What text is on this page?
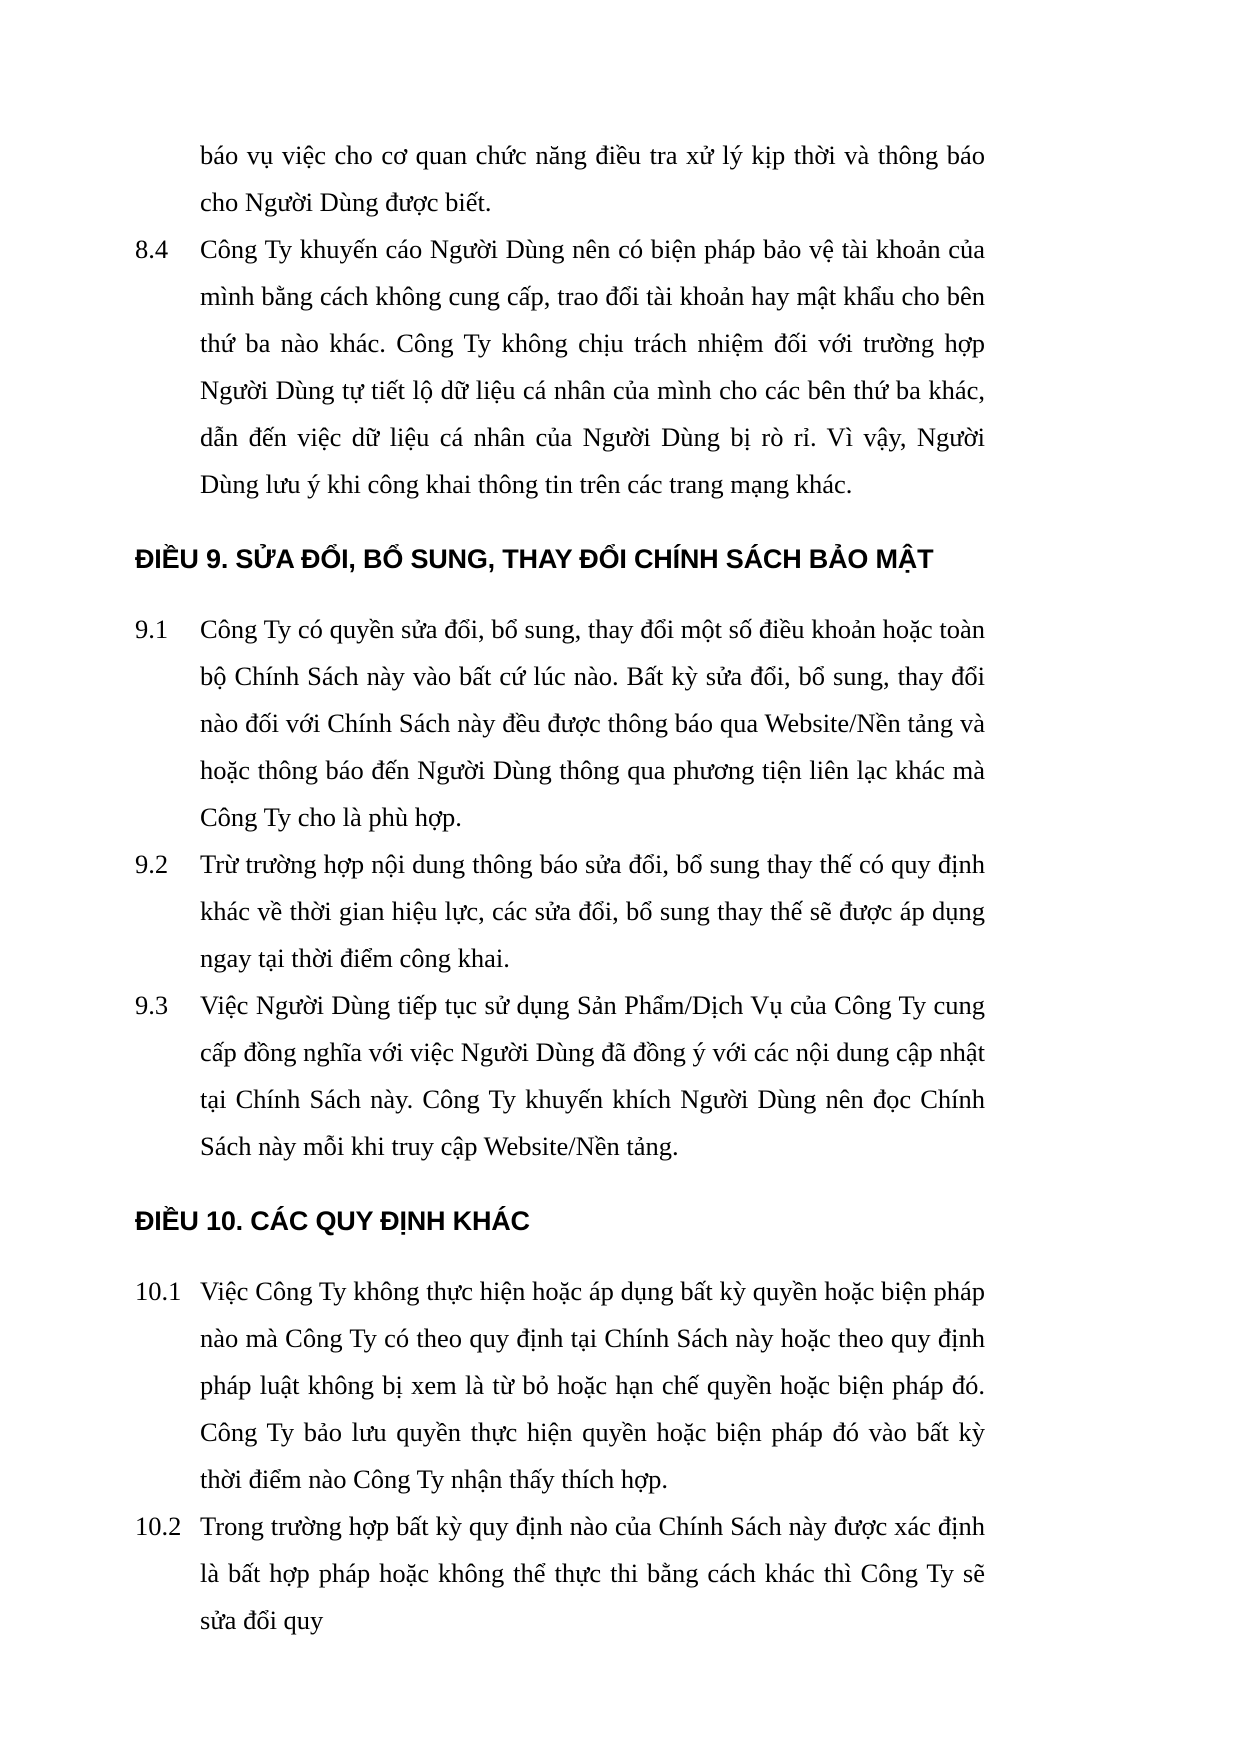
báo vụ việc cho cơ quan chức năng điều tra xử lý kịp thời và thông báo cho Người Dùng được biết.

8.4	Công Ty khuyến cáo Người Dùng nên có biện pháp bảo vệ tài khoản của mình bằng cách không cung cấp, trao đổi tài khoản hay mật khẩu cho bên thứ ba nào khác. Công Ty không chịu trách nhiệm đối với trường hợp Người Dùng tự tiết lộ dữ liệu cá nhân của mình cho các bên thứ ba khác, dẫn đến việc dữ liệu cá nhân của Người Dùng bị rò rỉ. Vì vậy, Người Dùng lưu ý khi công khai thông tin trên các trang mạng khác.

ĐIỀU 9. SỬA ĐỔI, BỔ SUNG, THAY ĐỔI CHÍNH SÁCH BẢO MẬT

9.1	Công Ty có quyền sửa đổi, bổ sung, thay đổi một số điều khoản hoặc toàn bộ Chính Sách này vào bất cứ lúc nào. Bất kỳ sửa đổi, bổ sung, thay đổi nào đối với Chính Sách này đều được thông báo qua Website/Nền tảng và hoặc thông báo đến Người Dùng thông qua phương tiện liên lạc khác mà Công Ty cho là phù hợp.

9.2	Trừ trường hợp nội dung thông báo sửa đổi, bổ sung thay thế có quy định khác về thời gian hiệu lực, các sửa đổi, bổ sung thay thế sẽ được áp dụng ngay tại thời điểm công khai.

9.3	Việc Người Dùng tiếp tục sử dụng Sản Phẩm/Dịch Vụ của Công Ty cung cấp đồng nghĩa với việc Người Dùng đã đồng ý với các nội dung cập nhật tại Chính Sách này. Công Ty khuyến khích Người Dùng nên đọc Chính Sách này mỗi khi truy cập Website/Nền tảng.

ĐIỀU 10. CÁC QUY ĐỊNH KHÁC

10.1 Việc Công Ty không thực hiện hoặc áp dụng bất kỳ quyền hoặc biện pháp nào mà Công Ty có theo quy định tại Chính Sách này hoặc theo quy định pháp luật không bị xem là từ bỏ hoặc hạn chế quyền hoặc biện pháp đó. Công Ty bảo lưu quyền thực hiện quyền hoặc biện pháp đó vào bất kỳ thời điểm nào Công Ty nhận thấy thích hợp.

10.2 Trong trường hợp bất kỳ quy định nào của Chính Sách này được xác định là bất hợp pháp hoặc không thể thực thi bằng cách khác thì Công Ty sẽ sửa đổi quy
